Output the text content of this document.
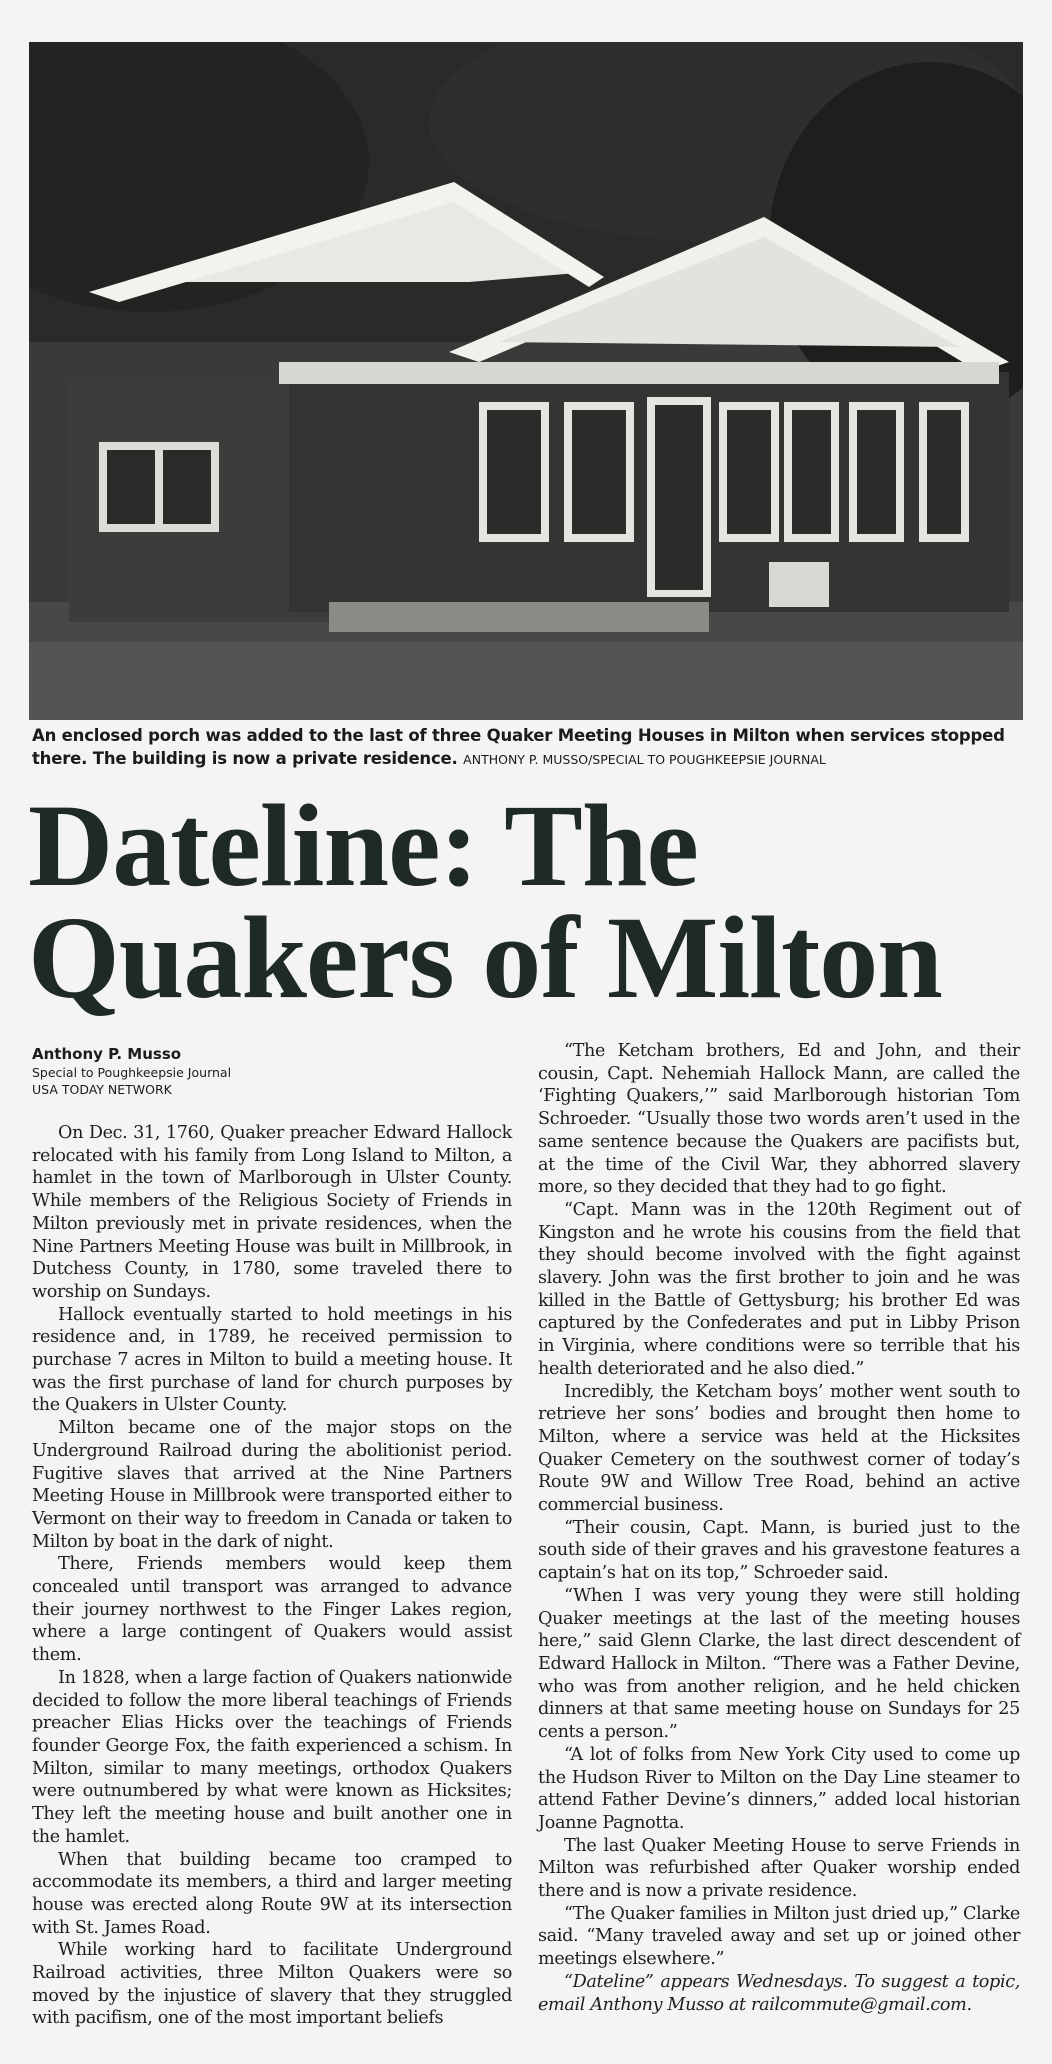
An enclosed porch was added to the last of three Quaker Meeting Houses in Milton when services stopped there. The building is now a private residence. ANTHONY P. MUSSO/SPECIAL TO POUGHKEEPSIE JOURNAL
Dateline: The
Quakers of Milton
Anthony P. Musso
Special to Poughkeepsie Journal
USA TODAY NETWORK

On Dec. 31, 1760, Quaker preacher Edward Hallock relocated with his family from Long Island to Milton, a hamlet in the town of Marlborough in Ulster County. While members of the Religious Society of Friends in Milton previously met in private residences, when the Nine Partners Meeting House was built in Millbrook, in Dutchess County, in 1780, some traveled there to worship on Sundays.

Hallock eventually started to hold meetings in his residence and, in 1789, he received permission to purchase 7 acres in Milton to build a meeting house. It was the first purchase of land for church purposes by the Quakers in Ulster County.

Milton became one of the major stops on the Underground Railroad during the abolitionist period. Fugitive slaves that arrived at the Nine Partners Meeting House in Millbrook were transported either to Vermont on their way to freedom in Canada or taken to Milton by boat in the dark of night.

There, Friends members would keep them concealed until transport was arranged to advance their journey northwest to the Finger Lakes region, where a large contingent of Quakers would assist them.

In 1828, when a large faction of Quakers nationwide decided to follow the more liberal teachings of Friends preacher Elias Hicks over the teachings of Friends founder George Fox, the faith experienced a schism. In Milton, similar to many meetings, orthodox Quakers were outnumbered by what were known as Hicksites; They left the meeting house and built another one in the hamlet.

When that building became too cramped to accommodate its members, a third and larger meeting house was erected along Route 9W at its intersection with St. James Road.

While working hard to facilitate Underground Railroad activities, three Milton Quakers were so moved by the injustice of slavery that they struggled with pacifism, one of the most important beliefs

“The Ketcham brothers, Ed and John, and their cousin, Capt. Nehemiah Hallock Mann, are called the ‘Fighting Quakers,’” said Marlborough historian Tom Schroeder. “Usually those two words aren’t used in the same sentence because the Quakers are pacifists but, at the time of the Civil War, they abhorred slavery more, so they decided that they had to go fight.

“Capt. Mann was in the 120th Regiment out of Kingston and he wrote his cousins from the field that they should become involved with the fight against slavery. John was the first brother to join and he was killed in the Battle of Gettysburg; his brother Ed was captured by the Confederates and put in Libby Prison in Virginia, where conditions were so terrible that his health deteriorated and he also died.”

Incredibly, the Ketcham boys’ mother went south to retrieve her sons’ bodies and brought then home to Milton, where a service was held at the Hicksites Quaker Cemetery on the southwest corner of today’s Route 9W and Willow Tree Road, behind an active commercial business.

“Their cousin, Capt. Mann, is buried just to the south side of their graves and his gravestone features a captain’s hat on its top,” Schroeder said.

“When I was very young they were still holding Quaker meetings at the last of the meeting houses here,” said Glenn Clarke, the last direct descendent of Edward Hallock in Milton. “There was a Father Devine, who was from another religion, and he held chicken dinners at that same meeting house on Sundays for 25 cents a person.”

“A lot of folks from New York City used to come up the Hudson River to Milton on the Day Line steamer to attend Father Devine’s dinners,” added local historian Joanne Pagnotta.

The last Quaker Meeting House to serve Friends in Milton was refurbished after Quaker worship ended there and is now a private residence.

“The Quaker families in Milton just dried up,” Clarke said. “Many traveled away and set up or joined other meetings elsewhere.”

“Dateline” appears Wednesdays. To suggest a topic, email Anthony Musso at railcommute@gmail.com.
